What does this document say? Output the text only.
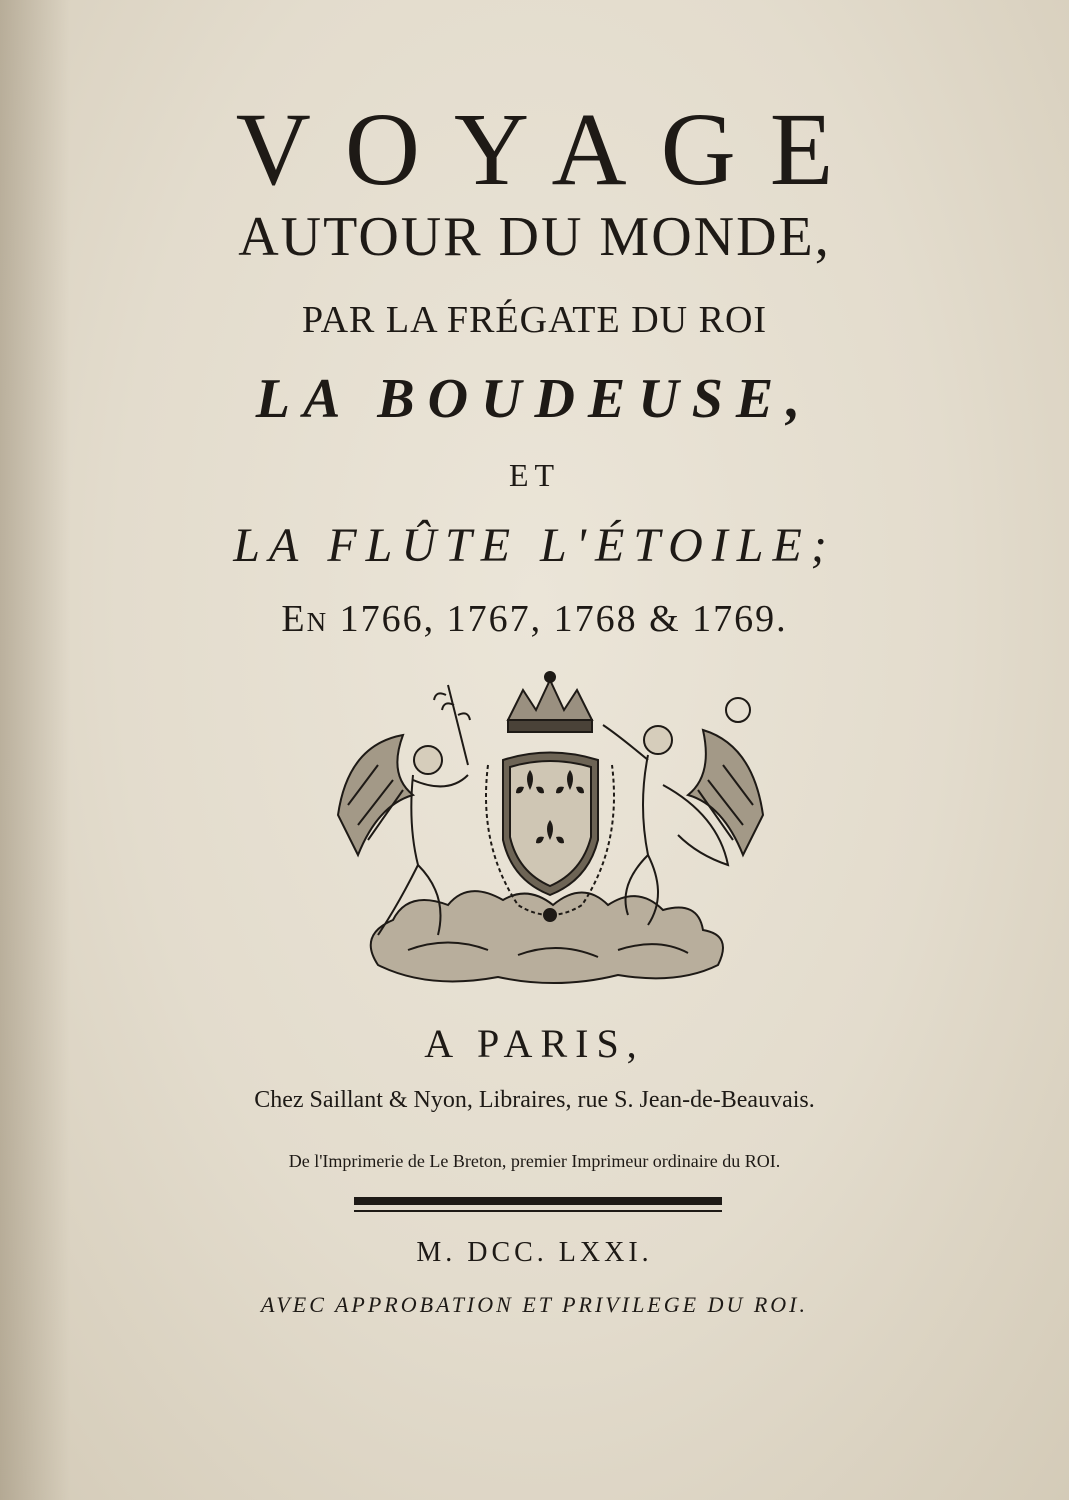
VOYAGE
AUTOUR DU MONDE,
PAR LA FRÉGATE DU ROI
LA BOUDEUSE,
ET
LA FLÛTE L'ÉTOILE;
En 1766, 1767, 1768 & 1769.
A PARIS,
Chez Saillant & Nyon, Libraires, rue S. Jean-de-Beauvais.
De l'Imprimerie de Le Breton, premier Imprimeur ordinaire du ROI.
M. DCC. LXXI.
AVEC APPROBATION ET PRIVILEGE DU ROI.
